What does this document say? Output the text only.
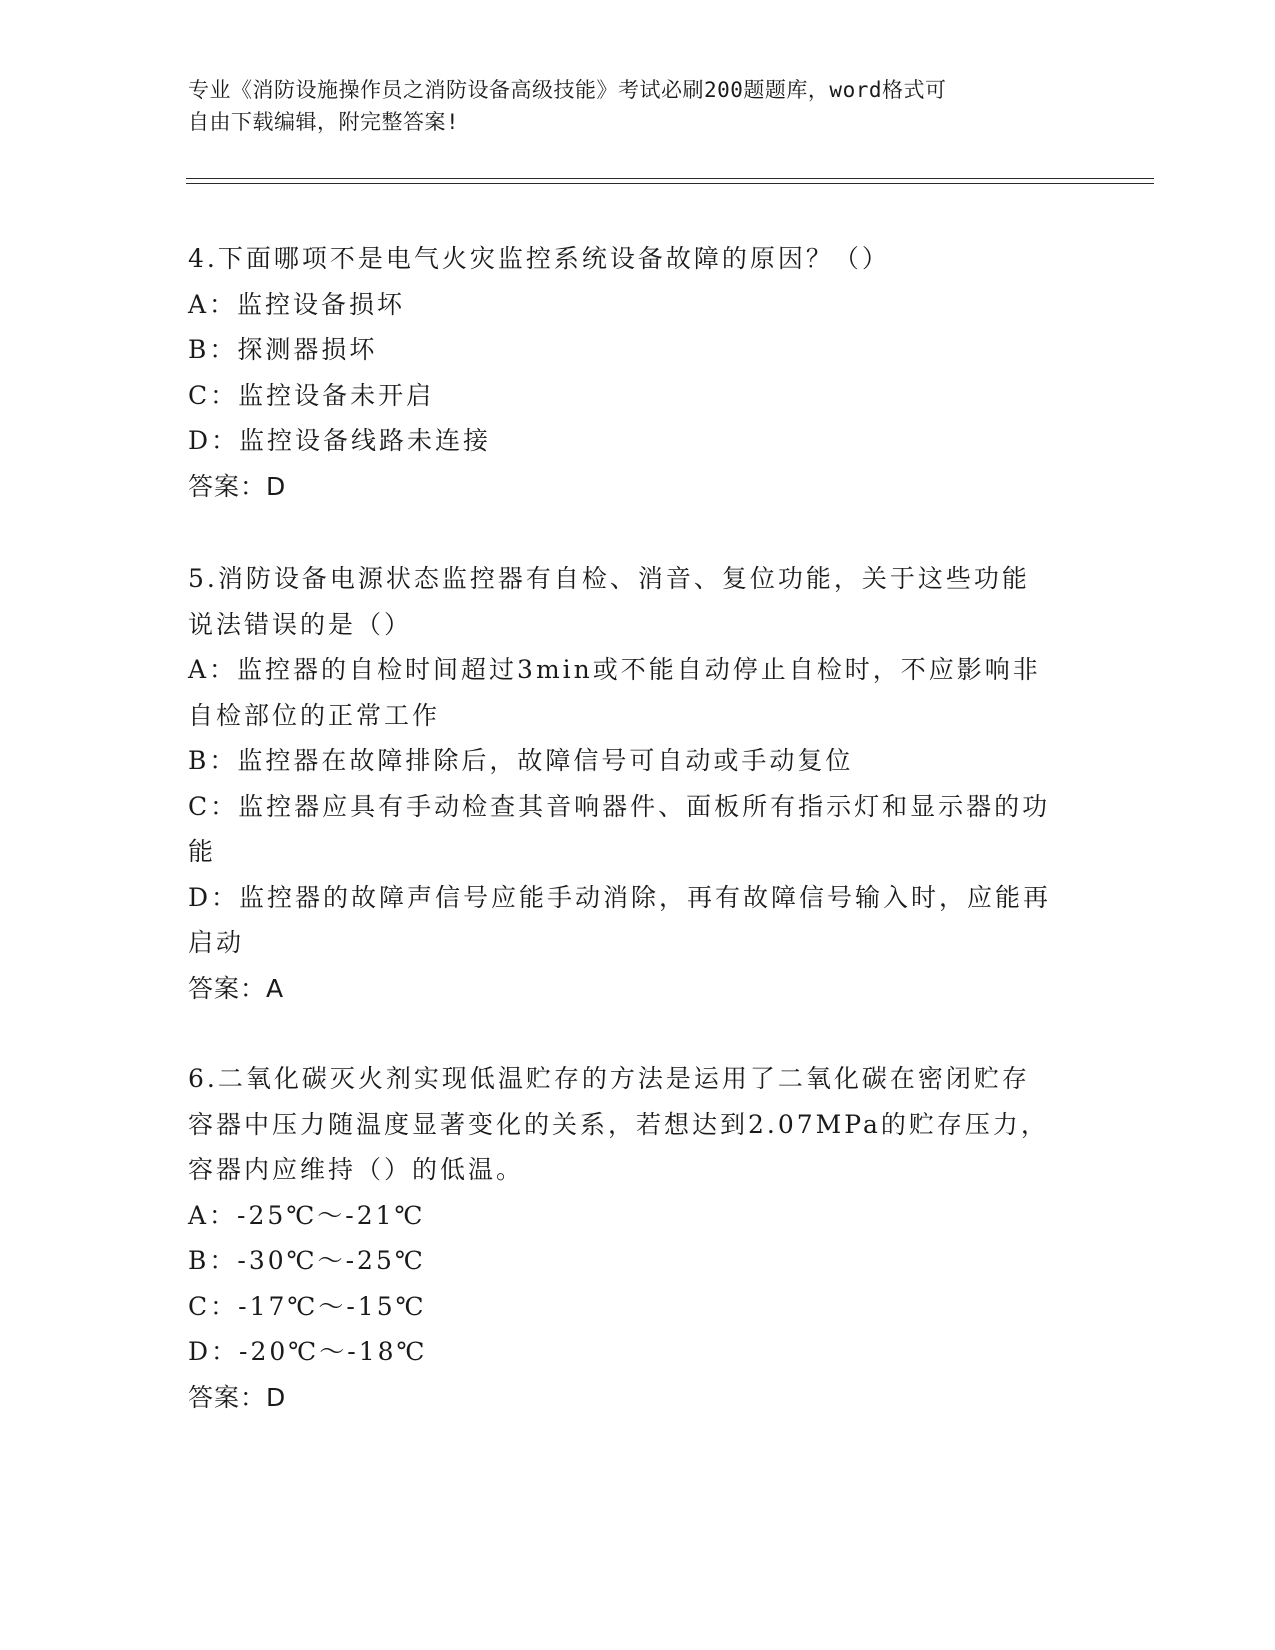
专业《消防设施操作员之消防设备高级技能》考试必刷200题题库，word格式可
自由下载编辑，附完整答案!
4.下面哪项不是电气火灾监控系统设备故障的原因？（）
A：监控设备损坏
B：探测器损坏
C：监控设备未开启
D：监控设备线路未连接
答案：D
5.消防设备电源状态监控器有自检、消音、复位功能，关于这些功能
说法错误的是（）
A：监控器的自检时间超过3min或不能自动停止自检时，不应影响非
自检部位的正常工作
B：监控器在故障排除后，故障信号可自动或手动复位
C：监控器应具有手动检查其音响器件、面板所有指示灯和显示器的功
能
D：监控器的故障声信号应能手动消除，再有故障信号输入时，应能再
启动
答案：A
6.二氧化碳灭火剂实现低温贮存的方法是运用了二氧化碳在密闭贮存
容器中压力随温度显著变化的关系，若想达到2.07MPa的贮存压力，
容器内应维持（）的低温。
A：-25℃～-21℃
B：-30℃～-25℃
C：-17℃～-15℃
D：-20℃～-18℃
答案：D
